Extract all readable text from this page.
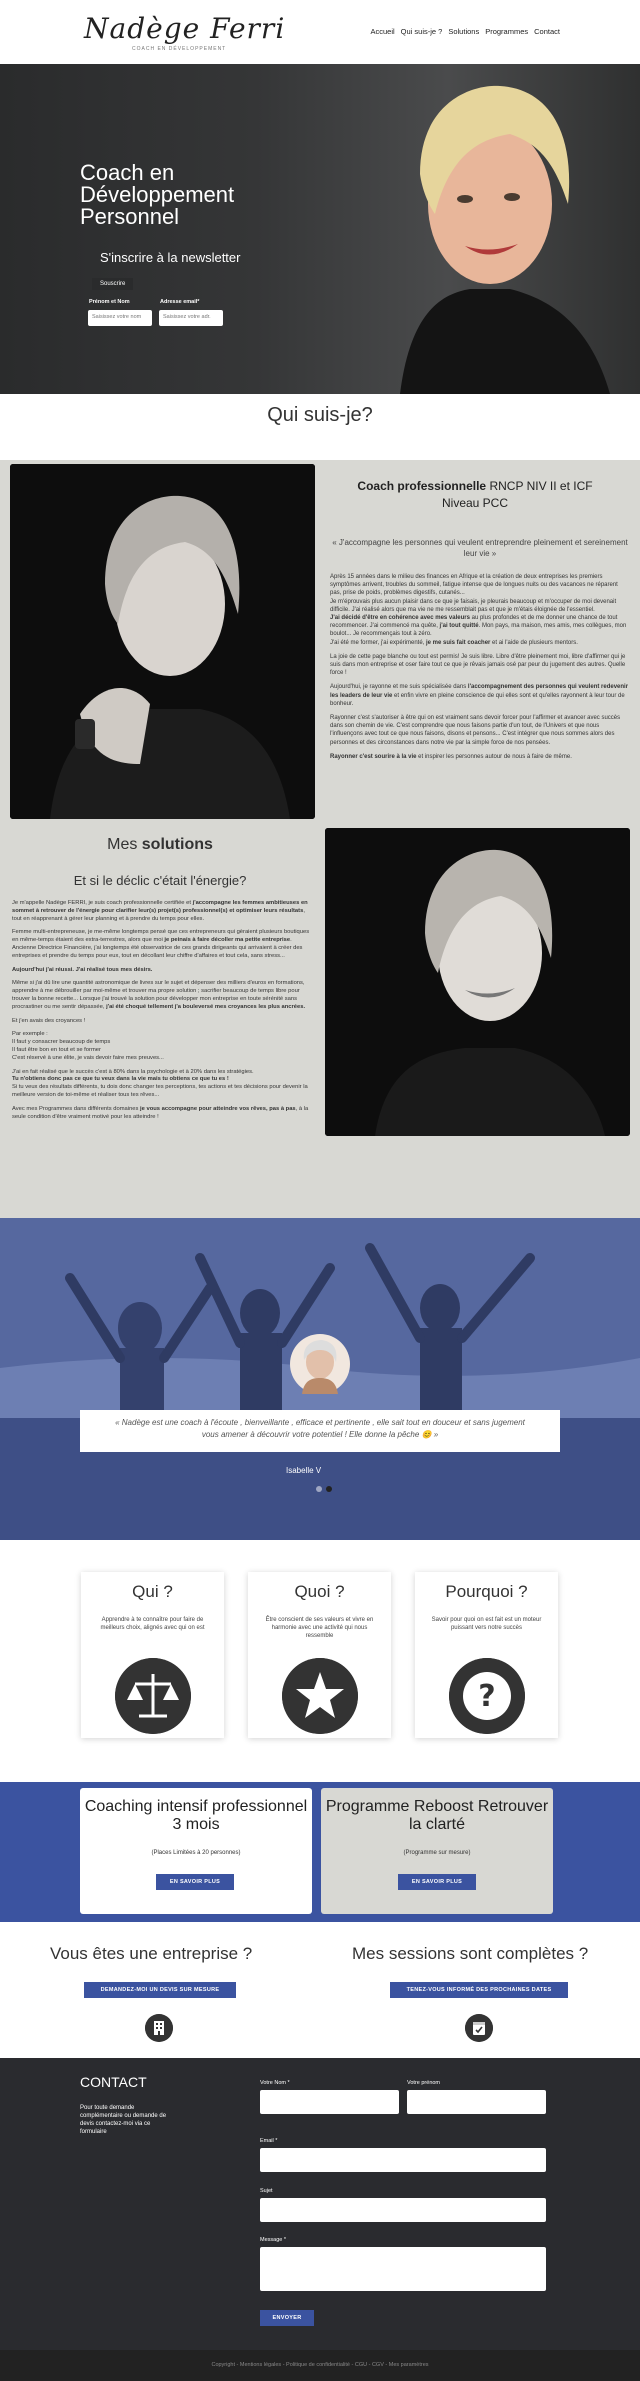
Nadège Ferri
COACH EN DÉVELOPPEMENT
Accueil Qui suis-je ? Solutions Programmes Contact
Coach en
Développement
Personnel
S'inscrire à la newsletter
Prénom et Nom	Adresse email*
Saisissez votre nom	Saisissez votre adr.
Souscrire
Qui suis-je?
Coach professionnelle RNCP NIV II et ICF Niveau PCC
« J'accompagne les personnes qui veulent entreprendre pleinement et sereinement leur vie »

Après 15 années dans le milieu des finances en Afrique et la création de deux entreprises les premiers symptômes arrivent, troubles du sommeil, fatigue intense que de longues nuits ou des vacances ne réparent pas, prise de poids, problèmes digestifs, cutanés...

Je m'éprouvais plus aucun plaisir dans ce que je faisais, je pleurais beaucoup et m'occuper de moi devenait difficile. J'ai réalisé alors que ma vie ne me ressemblait pas et que je m'étais éloignée de l'essentiel.

J'ai décidé d'être en cohérence avec mes valeurs au plus profondes et de me donner une chance de tout recommencer. J'ai commencé ma quête, j'ai tout quitté. Mon pays, ma maison, mes amis, mes collègues, mon boulot... Je recommençais tout à zéro.

J'ai été me former, j'ai expérimenté, je me suis fait coacher et ai l'aide de plusieurs mentors.

La joie de cette page blanche ou tout est permis! Je suis libre. Libre d'être pleinement moi, libre d'affirmer qui je suis dans mon entreprise et oser faire tout ce que je rêvais jamais osé par peur du jugement des autres. Quelle force !

Aujourd'hui, je rayonne et me suis spécialisée dans l'accompagnement des personnes qui veulent redevenir les leaders de leur vie et enfin vivre en pleine conscience de qui elles sont et qu'elles rayonnent à leur tour de bonheur.

Rayonner c'est s'autoriser à être qui on est vraiment sans devoir forcer pour l'affirmer et avancer avec succès dans son chemin de vie. C'est comprendre que nous faisons partie d'un tout, de l'Univers et que nous l'influençons avec tout ce que nous faisons, disons et pensons... C'est intégrer que nous sommes alors des personnes et des circonstances dans notre vie par la simple force de nos pensées.

Rayonner c'est sourire à la vie et inspirer les personnes autour de nous à faire de même.

Mes solutions
Et si le déclic c'était l'énergie?

Je m'appelle Nadège FERRI, je suis coach professionnelle certifiée et j'accompagne les femmes ambitieuses en sommet à retrouver de l'énergie pour clarifier leur(s) projet(s) professionnel(s) et optimiser leurs résultats, tout en réapprenant à gérer leur planning et à prendre du temps pour elles.

Femme multi-entrepreneuse, je me-même longtemps pensé que ces entrepreneurs qui gèraient plusieurs boutiques en même-temps étaient des extra-terrestres, alors que moi je peinais à faire décoller ma petite entreprise. Ancienne Directrice Financière, j'ai longtemps été observatrice de ces grands dirigeants qui arrivaient à créer des entreprises et prendre du temps pour eux, tout en décollant leur chiffre d'affaires et tout cela, sans stress...

Aujourd'hui j'ai réussi. J'ai réalisé tous mes désirs.

Même si j'ai dû lire une quantité astronomique de livres sur le sujet et dépenser des milliers d'euros en formations, apprendre à me débrouiller par moi-même et trouver ma propre solution ; sacrifier beaucoup de temps libre pour trouver la bonne recette... Lorsque j'ai trouvé la solution pour développer mon entreprise en toute sérénité sans procrastiner ou me sentir dépassée, j'ai été choqué tellement j'a bouleversé mes croyances les plus ancrées.

Et j'en avais des croyances !

Par exemple :

Il faut y consacrer beaucoup de temps

Il faut être bon en tout et se former

C'est réservé à une élite, je vais devoir faire mes preuves...

J'ai en fait réalisé que le succès c'est à 80% dans la psychologie et à 20% dans les stratégies.

Tu n'obtiens donc pas ce que tu veux dans la vie mais tu obtiens ce que tu es !

Si tu veux des résultats différents, tu dois donc changer tes perceptions, tes actions et tes décisions pour devenir la meilleure version de toi-même et réaliser tous tes rêves...

Avec mes Programmes dans différents domaines je vous accompagne pour atteindre vos rêves, pas à pas, à la seule condition d'être vraiment motivé pour les atteindre !

Isabelle V
« Nadège est une coach à l'écoute , bienveillante , efficace et pertinente , elle sait tout en douceur et sans jugement vous amener à découvrir votre potentiel ! Elle donne la pêche 😊 »
Qui ?
Apprendre à te connaître pour faire de meilleurs choix, alignés avec qui on est
Quoi ?
Être conscient de ses valeurs et vivre en harmonie avec une activité qui nous ressemble
Pourquoi ?
Savoir pour quoi on est fait est un moteur puissant vers notre succès
?
Coaching intensif professionnel 3 mois
(Places Limitées à 20 personnes)
EN SAVOIR PLUS
Programme Reboost Retrouver la clarté
(Programme sur mesure)
EN SAVOIR PLUS
Vous êtes une entreprise ?	Mes sessions sont complètes ?
DEMANDEZ-MOI UN DEVIS SUR MESURE	TENEZ-VOUS INFORMÉ DES PROCHAINES DATES
CONTACT
Pour toute demande complémentaire ou demande de devis contactez-moi via ce formulaire
Votre Nom *	Votre prénom
Email *
Sujet
Message *
ENVOYER
Copyright - Mentions légales - Politique de confidentialité - CGU - CGV - Mes paramètres
